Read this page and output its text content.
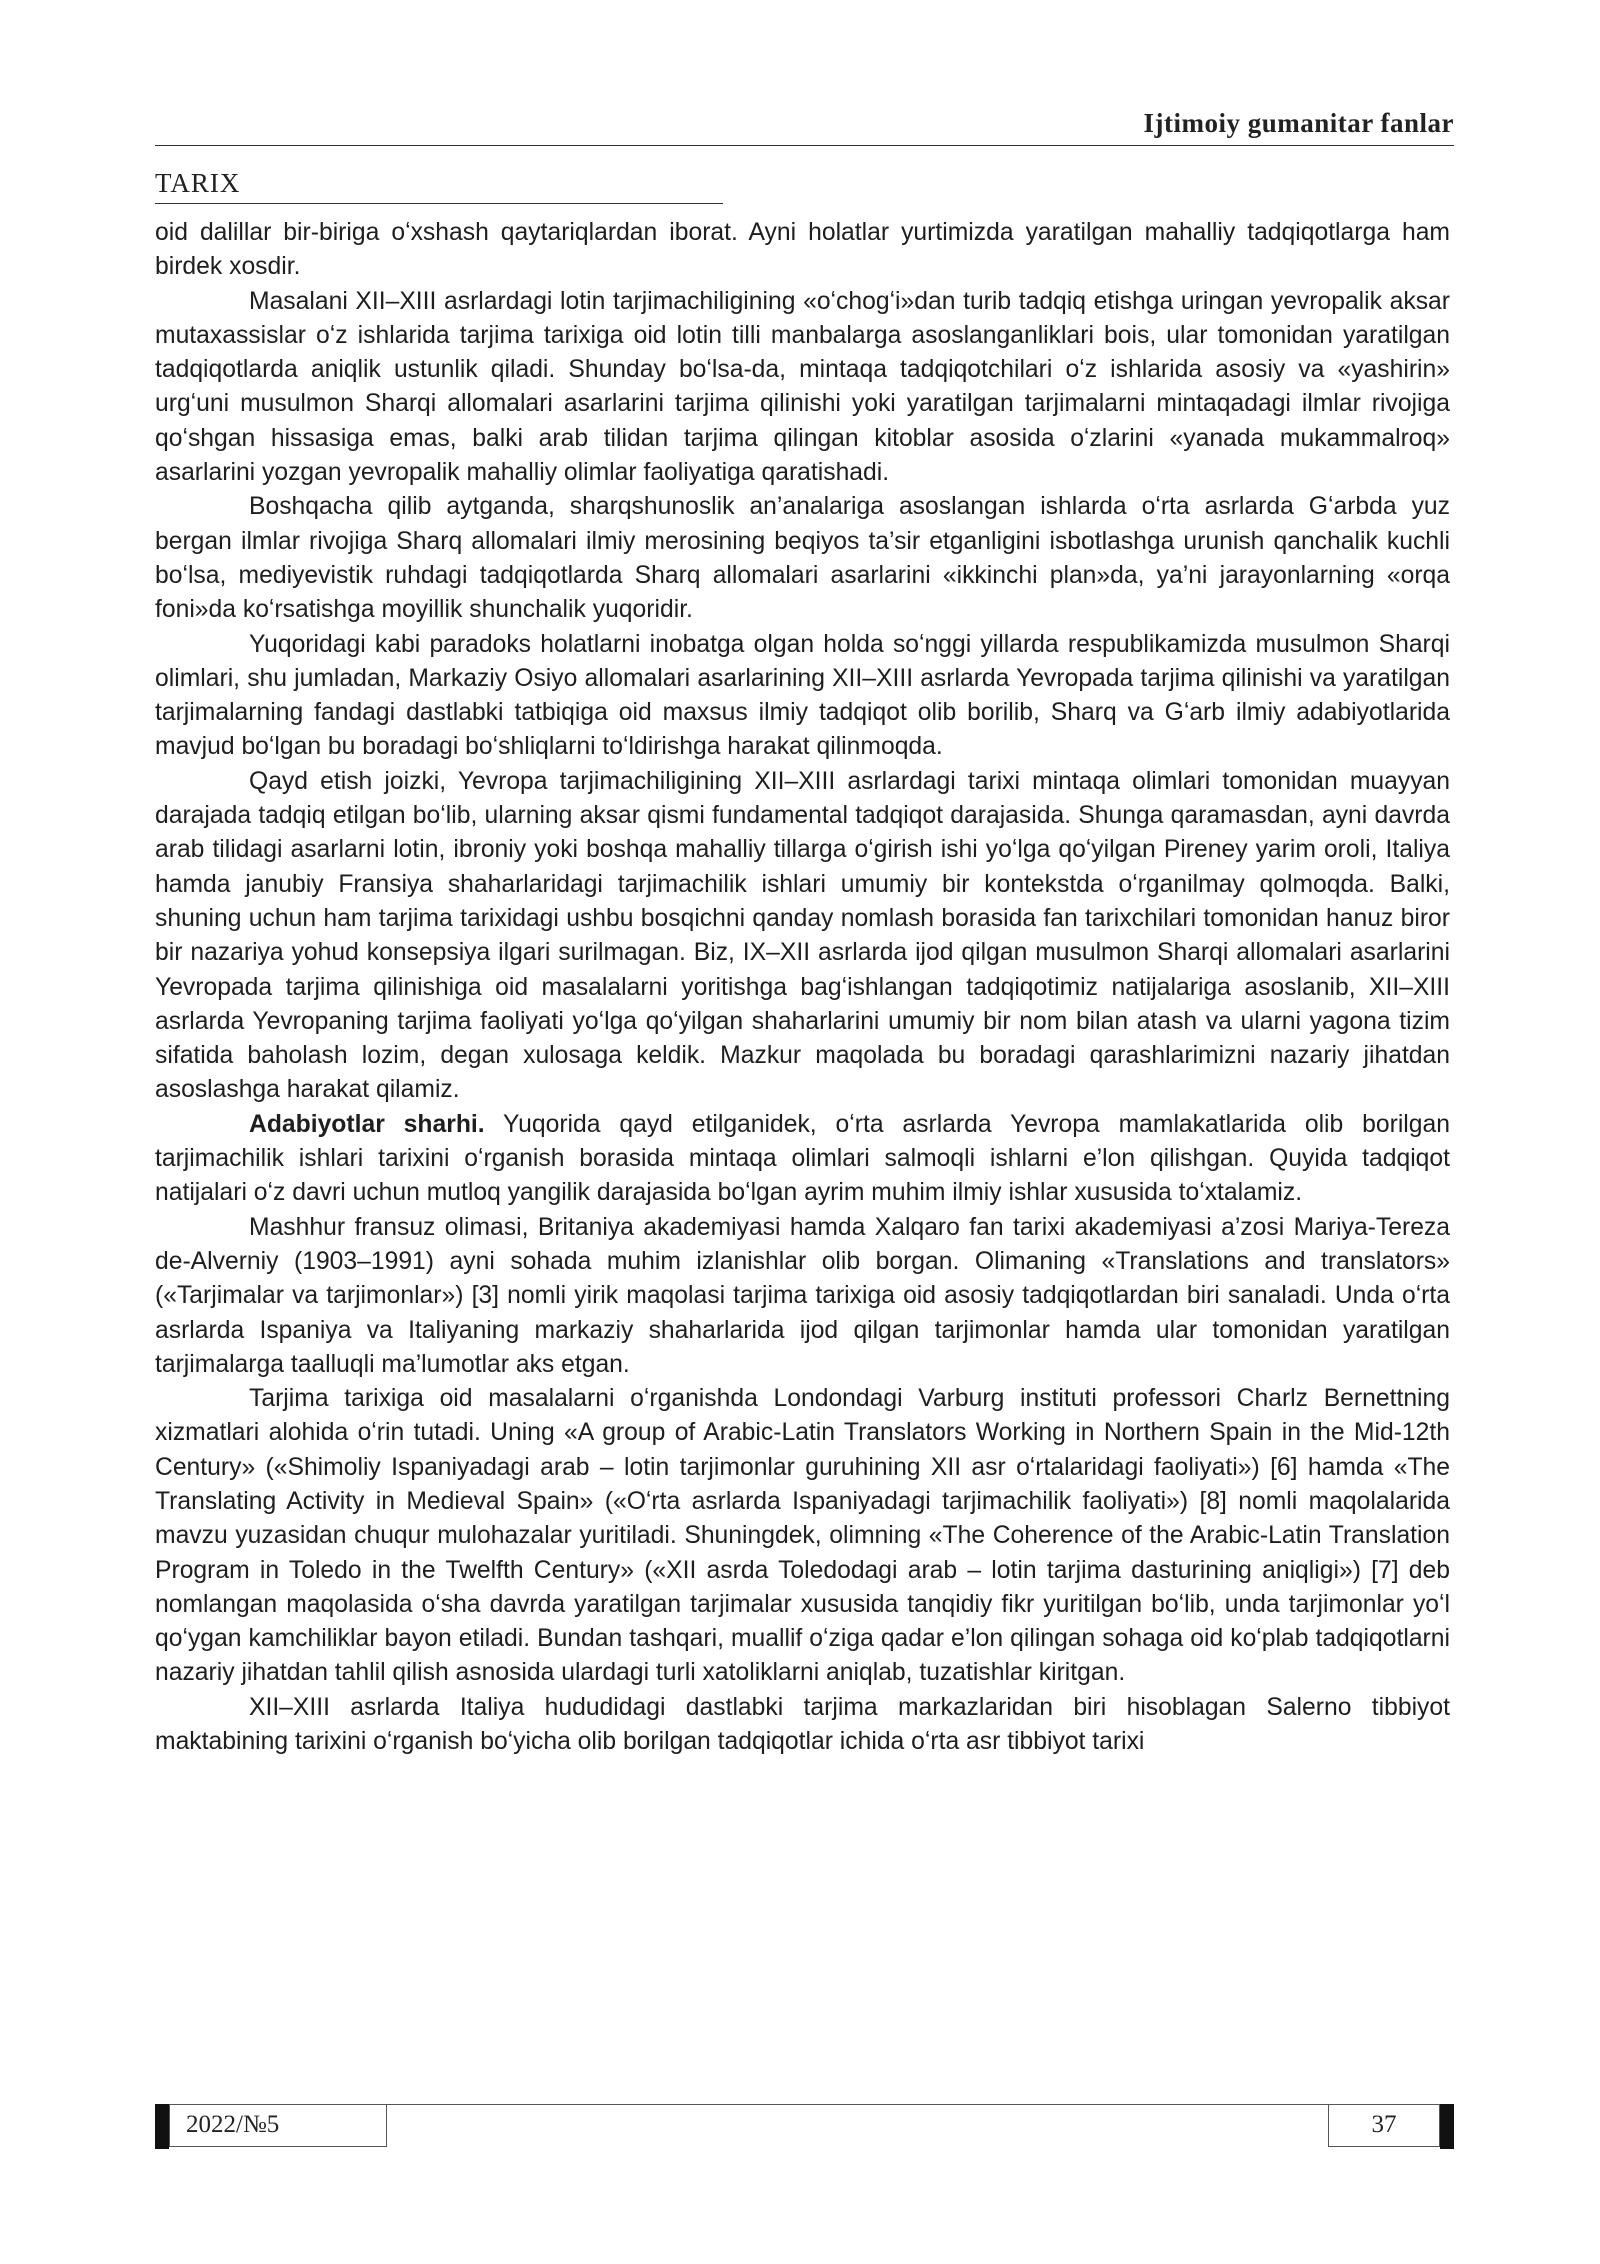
Ijtimoiy gumanitar fanlar
TARIX

oid dalillar bir-biriga oʻxshash qaytariqlardan iborat. Ayni holatlar yurtimizda yaratilgan mahalliy tadqiqotlarga ham birdek xosdir.

Masalani XII–XIII asrlardagi lotin tarjimachiligining «oʻchogʻi»dan turib tadqiq etishga uringan yevropalik aksar mutaxassislar oʻz ishlarida tarjima tarixiga oid lotin tilli manbalarga asoslanganliklari bois, ular tomonidan yaratilgan tadqiqotlarda aniqlik ustunlik qiladi. Shunday boʻlsa-da, mintaqa tadqiqotchilari oʻz ishlarida asosiy va «yashirin» urgʻuni musulmon Sharqi allomalari asarlarini tarjima qilinishi yoki yaratilgan tarjimalarni mintaqadagi ilmlar rivojiga qoʻshgan hissasiga emas, balki arab tilidan tarjima qilingan kitoblar asosida oʻzlarini «yanada mukammalroq» asarlarini yozgan yevropalik mahalliy olimlar faoliyatiga qaratishadi.

Boshqacha qilib aytganda, sharqshunoslik an’analariga asoslangan ishlarda oʻrta asrlarda Gʻarbda yuz bergan ilmlar rivojiga Sharq allomalari ilmiy merosining beqiyos ta’sir etganligini isbotlashga urunish qanchalik kuchli boʻlsa, mediyevistik ruhdagi tadqiqotlarda Sharq allomalari asarlarini «ikkinchi plan»da, ya’ni jarayonlarning «orqa foni»da koʻrsatishga moyillik shunchalik yuqoridir.

Yuqoridagi kabi paradoks holatlarni inobatga olgan holda soʻnggi yillarda respublikamizda musulmon Sharqi olimlari, shu jumladan, Markaziy Osiyo allomalari asarlarining XII–XIII asrlarda Yevropada tarjima qilinishi va yaratilgan tarjimalarning fandagi dastlabki tatbiqiga oid maxsus ilmiy tadqiqot olib borilib, Sharq va Gʻarb ilmiy adabiyotlarida mavjud boʻlgan bu boradagi boʻshliqlarni toʻldirishga harakat qilinmoqda.

Qayd etish joizki, Yevropa tarjimachiligining XII–XIII asrlardagi tarixi mintaqa olimlari tomonidan muayyan darajada tadqiq etilgan boʻlib, ularning aksar qismi fundamental tadqiqot darajasida. Shunga qaramasdan, ayni davrda arab tilidagi asarlarni lotin, ibroniy yoki boshqa mahalliy tillarga oʻgirish ishi yoʻlga qoʻyilgan Pireney yarim oroli, Italiya hamda janubiy Fransiya shaharlaridagi tarjimachilik ishlari umumiy bir kontekstda oʻrganilmay qolmoqda. Balki, shuning uchun ham tarjima tarixidagi ushbu bosqichni qanday nomlash borasida fan tarixchilari tomonidan hanuz biror bir nazariya yohud konsepsiya ilgari surilmagan. Biz, IX–XII asrlarda ijod qilgan musulmon Sharqi allomalari asarlarini Yevropada tarjima qilinishiga oid masalalarni yoritishga bagʻishlangan tadqiqotimiz natijalariga asoslanib, XII–XIII asrlarda Yevropaning tarjima faoliyati yoʻlga qoʻyilgan shaharlarini umumiy bir nom bilan atash va ularni yagona tizim sifatida baholash lozim, degan xulosaga keldik. Mazkur maqolada bu boradagi qarashlarimizni nazariy jihatdan asoslashga harakat qilamiz.

Adabiyotlar sharhi. Yuqorida qayd etilganidek, oʻrta asrlarda Yevropa mamlakatlarida olib borilgan tarjimachilik ishlari tarixini oʻrganish borasida mintaqa olimlari salmoqli ishlarni e’lon qilishgan. Quyida tadqiqot natijalari oʻz davri uchun mutloq yangilik darajasida boʻlgan ayrim muhim ilmiy ishlar xususida toʻxtalamiz.

Mashhur fransuz olimasi, Britaniya akademiyasi hamda Xalqaro fan tarixi akademiyasi a’zosi Mariya-Tereza de-Alverniy (1903–1991) ayni sohada muhim izlanishlar olib borgan. Olimaning «Translations and translators» («Tarjimalar va tarjimonlar») [3] nomli yirik maqolasi tarjima tarixiga oid asosiy tadqiqotlardan biri sanaladi. Unda oʻrta asrlarda Ispaniya va Italiyaning markaziy shaharlarida ijod qilgan tarjimonlar hamda ular tomonidan yaratilgan tarjimalarga taalluqli ma’lumotlar aks etgan.

Tarjima tarixiga oid masalalarni oʻrganishda Londondagi Varburg instituti professori Charlz Bernettning xizmatlari alohida oʻrin tutadi. Uning «A group of Arabic-Latin Translators Working in Northern Spain in the Mid-12th Century» («Shimoliy Ispaniyadagi arab – lotin tarjimonlar guruhining XII asr oʻrtalaridagi faoliyati») [6] hamda «The Translating Activity in Medieval Spain» («Oʻrta asrlarda Ispaniyadagi tarjimachilik faoliyati») [8] nomli maqolalarida mavzu yuzasidan chuqur mulohazalar yuritiladi. Shuningdek, olimning «The Coherence of the Arabic-Latin Translation Program in Toledo in the Twelfth Century» («XII asrda Toledodagi arab – lotin tarjima dasturining aniqligi») [7] deb nomlangan maqolasida oʻsha davrda yaratilgan tarjimalar xususida tanqidiy fikr yuritilgan boʻlib, unda tarjimonlar yoʻl qoʻygan kamchiliklar bayon etiladi. Bundan tashqari, muallif oʻziga qadar e’lon qilingan sohaga oid koʻplab tadqiqotlarni nazariy jihatdan tahlil qilish asnosida ulardagi turli xatoliklarni aniqlab, tuzatishlar kiritgan.

XII–XIII asrlarda Italiya hududidagi dastlabki tarjima markazlaridan biri hisoblagan Salerno tibbiyot maktabining tarixini oʻrganish boʻyicha olib borilgan tadqiqotlar ichida oʻrta asr tibbiyot tarixi

2022/№5	37
